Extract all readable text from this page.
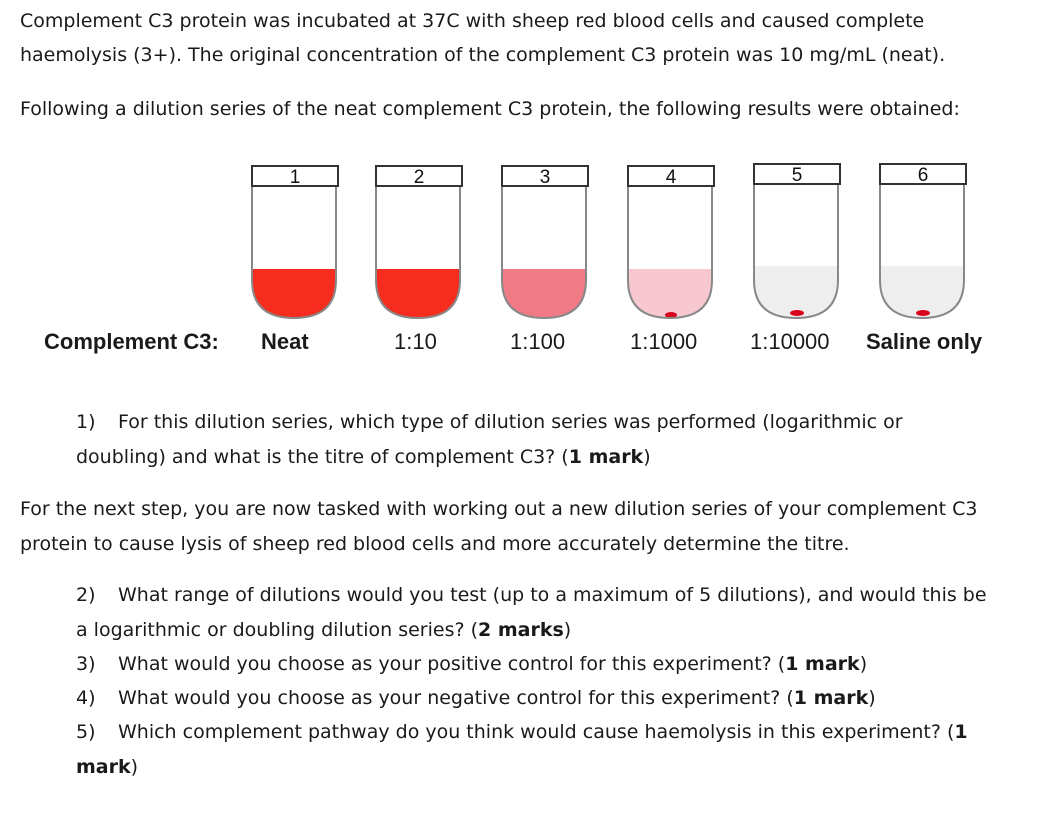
Complement C3 protein was incubated at 37C with sheep red blood cells and caused complete
haemolysis (3+). The original concentration of the complement C3 protein was 10 mg/mL (neat).
Following a dilution series of the neat complement C3 protein, the following results were obtained:
1	2	3	4	5	6
Complement C3: Neat	1:10	1:100	1:1000 1:10000 Saline only
1) For this dilution series, which type of dilution series was performed (logarithmic or
doubling) and what is the titre of complement C3? (1 mark)
For the next step, you are now tasked with working out a new dilution series of your complement C3
protein to cause lysis of sheep red blood cells and more accurately determine the titre.
2) What range of dilutions would you test (up to a maximum of 5 dilutions), and would this be
a logarithmic or doubling dilution series? (2 marks)
3) What would you choose as your positive control for this experiment? (1 mark)
4) What would you choose as your negative control for this experiment? (1 mark)
5) Which complement pathway do you think would cause haemolysis in this experiment? (1
mark)
